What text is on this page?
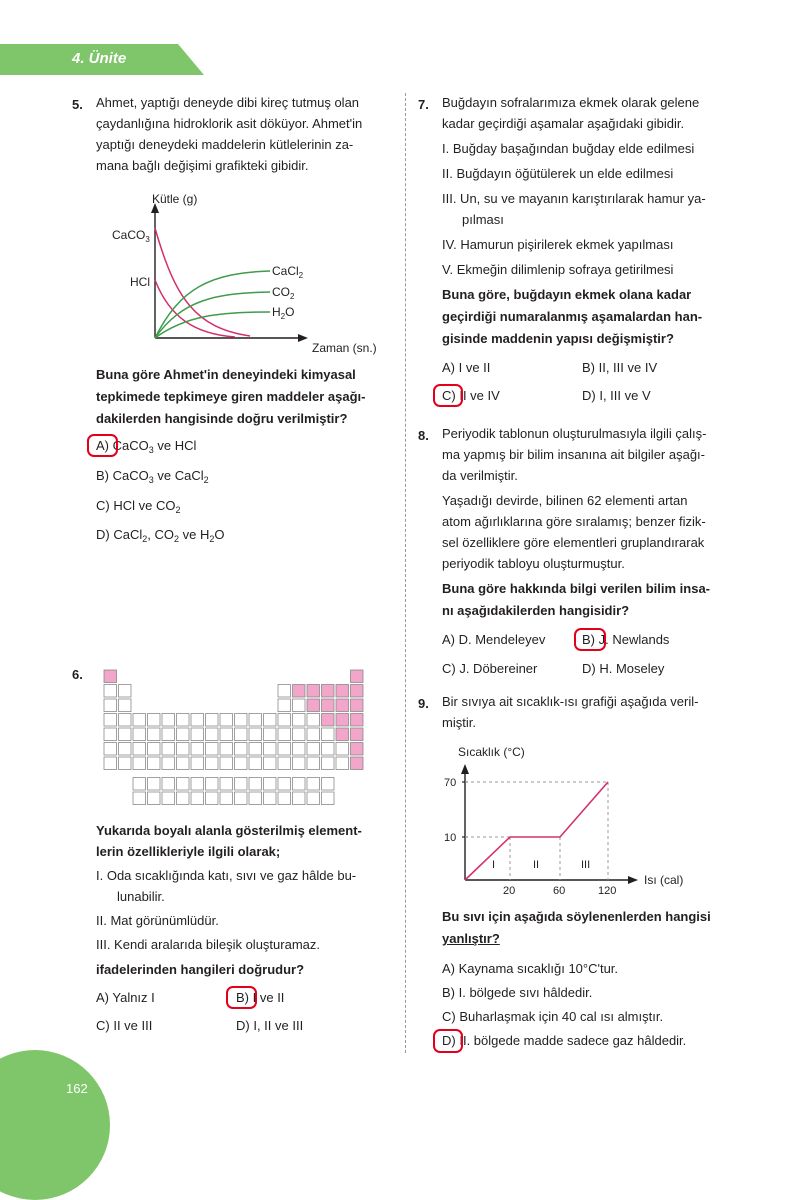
4. Ünite
5. Ahmet, yaptığı deneyde dibi kireç tutmuş olan
çaydanlığına hidroklorik asit döküyor. Ahmet'in
yaptığı deneydeki maddelerin kütlelerinin za-
mana bağlı değişimi grafikteki gibidir.
Kütle (g)
Zaman (sn.)
CaCO$_3$
HCl
CaCl$_2$
$CO_2$
$H_2O$
Buna göre Ahmet'in deneyindeki kimyasal
tepkimede tepkimeye giren maddeler aşağı-
dakilerden hangisinde doğru verilmiştir?
A) CaCO$_3$ ve HCl
B) CaCO$_3$ ve CaCl$_2$
C) HCl ve $CO_2$
D) CaCl$_2$, $CO_2$ ve $H_2O$
6.
Yukarıda boyalı alanla gösterilmiş element-
lerin özellikleriyle ilgili olarak;
I. Oda sıcaklığında katı, sıvı ve gaz hâlde bu-
lunabilir.
II. Mat görünümlüdür.
III. Kendi aralarıda bileşik oluşturamaz.
ifadelerinden hangileri doğrudur?
A) Yalnız I	B) I ve II
C) II ve III	D) I, II ve III
7. Buğdayın sofralarımıza ekmek olarak gelene
kadar geçirdiği aşamalar aşağıdaki gibidir.
I. Buğday başağından buğday elde edilmesi
II. Buğdayın öğütülerek un elde edilmesi
III. Un, su ve mayanın karıştırılarak hamur ya-
pılması
IV. Hamurun pişirilerek ekmek yapılması
V. Ekmeğin dilimlenip sofraya getirilmesi
Buna göre, buğdayın ekmek olana kadar
geçirdiği numaralanmış aşamalardan han-
gisinde maddenin yapısı değişmiştir?
A) I ve II	B) II, III ve IV
C) II ve IV	D) I, III ve V
8. Periyodik tablonun oluşturulmasıyla ilgili çalış-
ma yapmış bir bilim insanına ait bilgiler aşağı-
da verilmiştir.
Yaşadığı devirde, bilinen 62 elementi artan
atom ağırlıklarına göre sıralamış; benzer fizik-
sel özelliklere göre elementleri gruplandırarak
periyodik tabloyu oluşturmuştur.
Buna göre hakkında bilgi verilen bilim insa-
nı aşağıdakilerden hangisidir?
A) D. Mendeleyev	B) J. Newlands
C) J. Döbereiner	D) H. Moseley
9. Bir sıvıya ait sıcaklık-ısı grafiği aşağıda veril-
miştir.
Sıcaklık (°C)
Isı (cal)
70
10
20	60	120
I	II	III
Bu sıvı için aşağıda söylenenlerden hangisi
yanlıştır?
A) Kaynama sıcaklığı 10°C'tur.
B) I. bölgede sıvı hâldedir.
C) Buharlaşmak için 40 cal ısı almıştır.
D) II. bölgede madde sadece gaz hâldedir.
162
